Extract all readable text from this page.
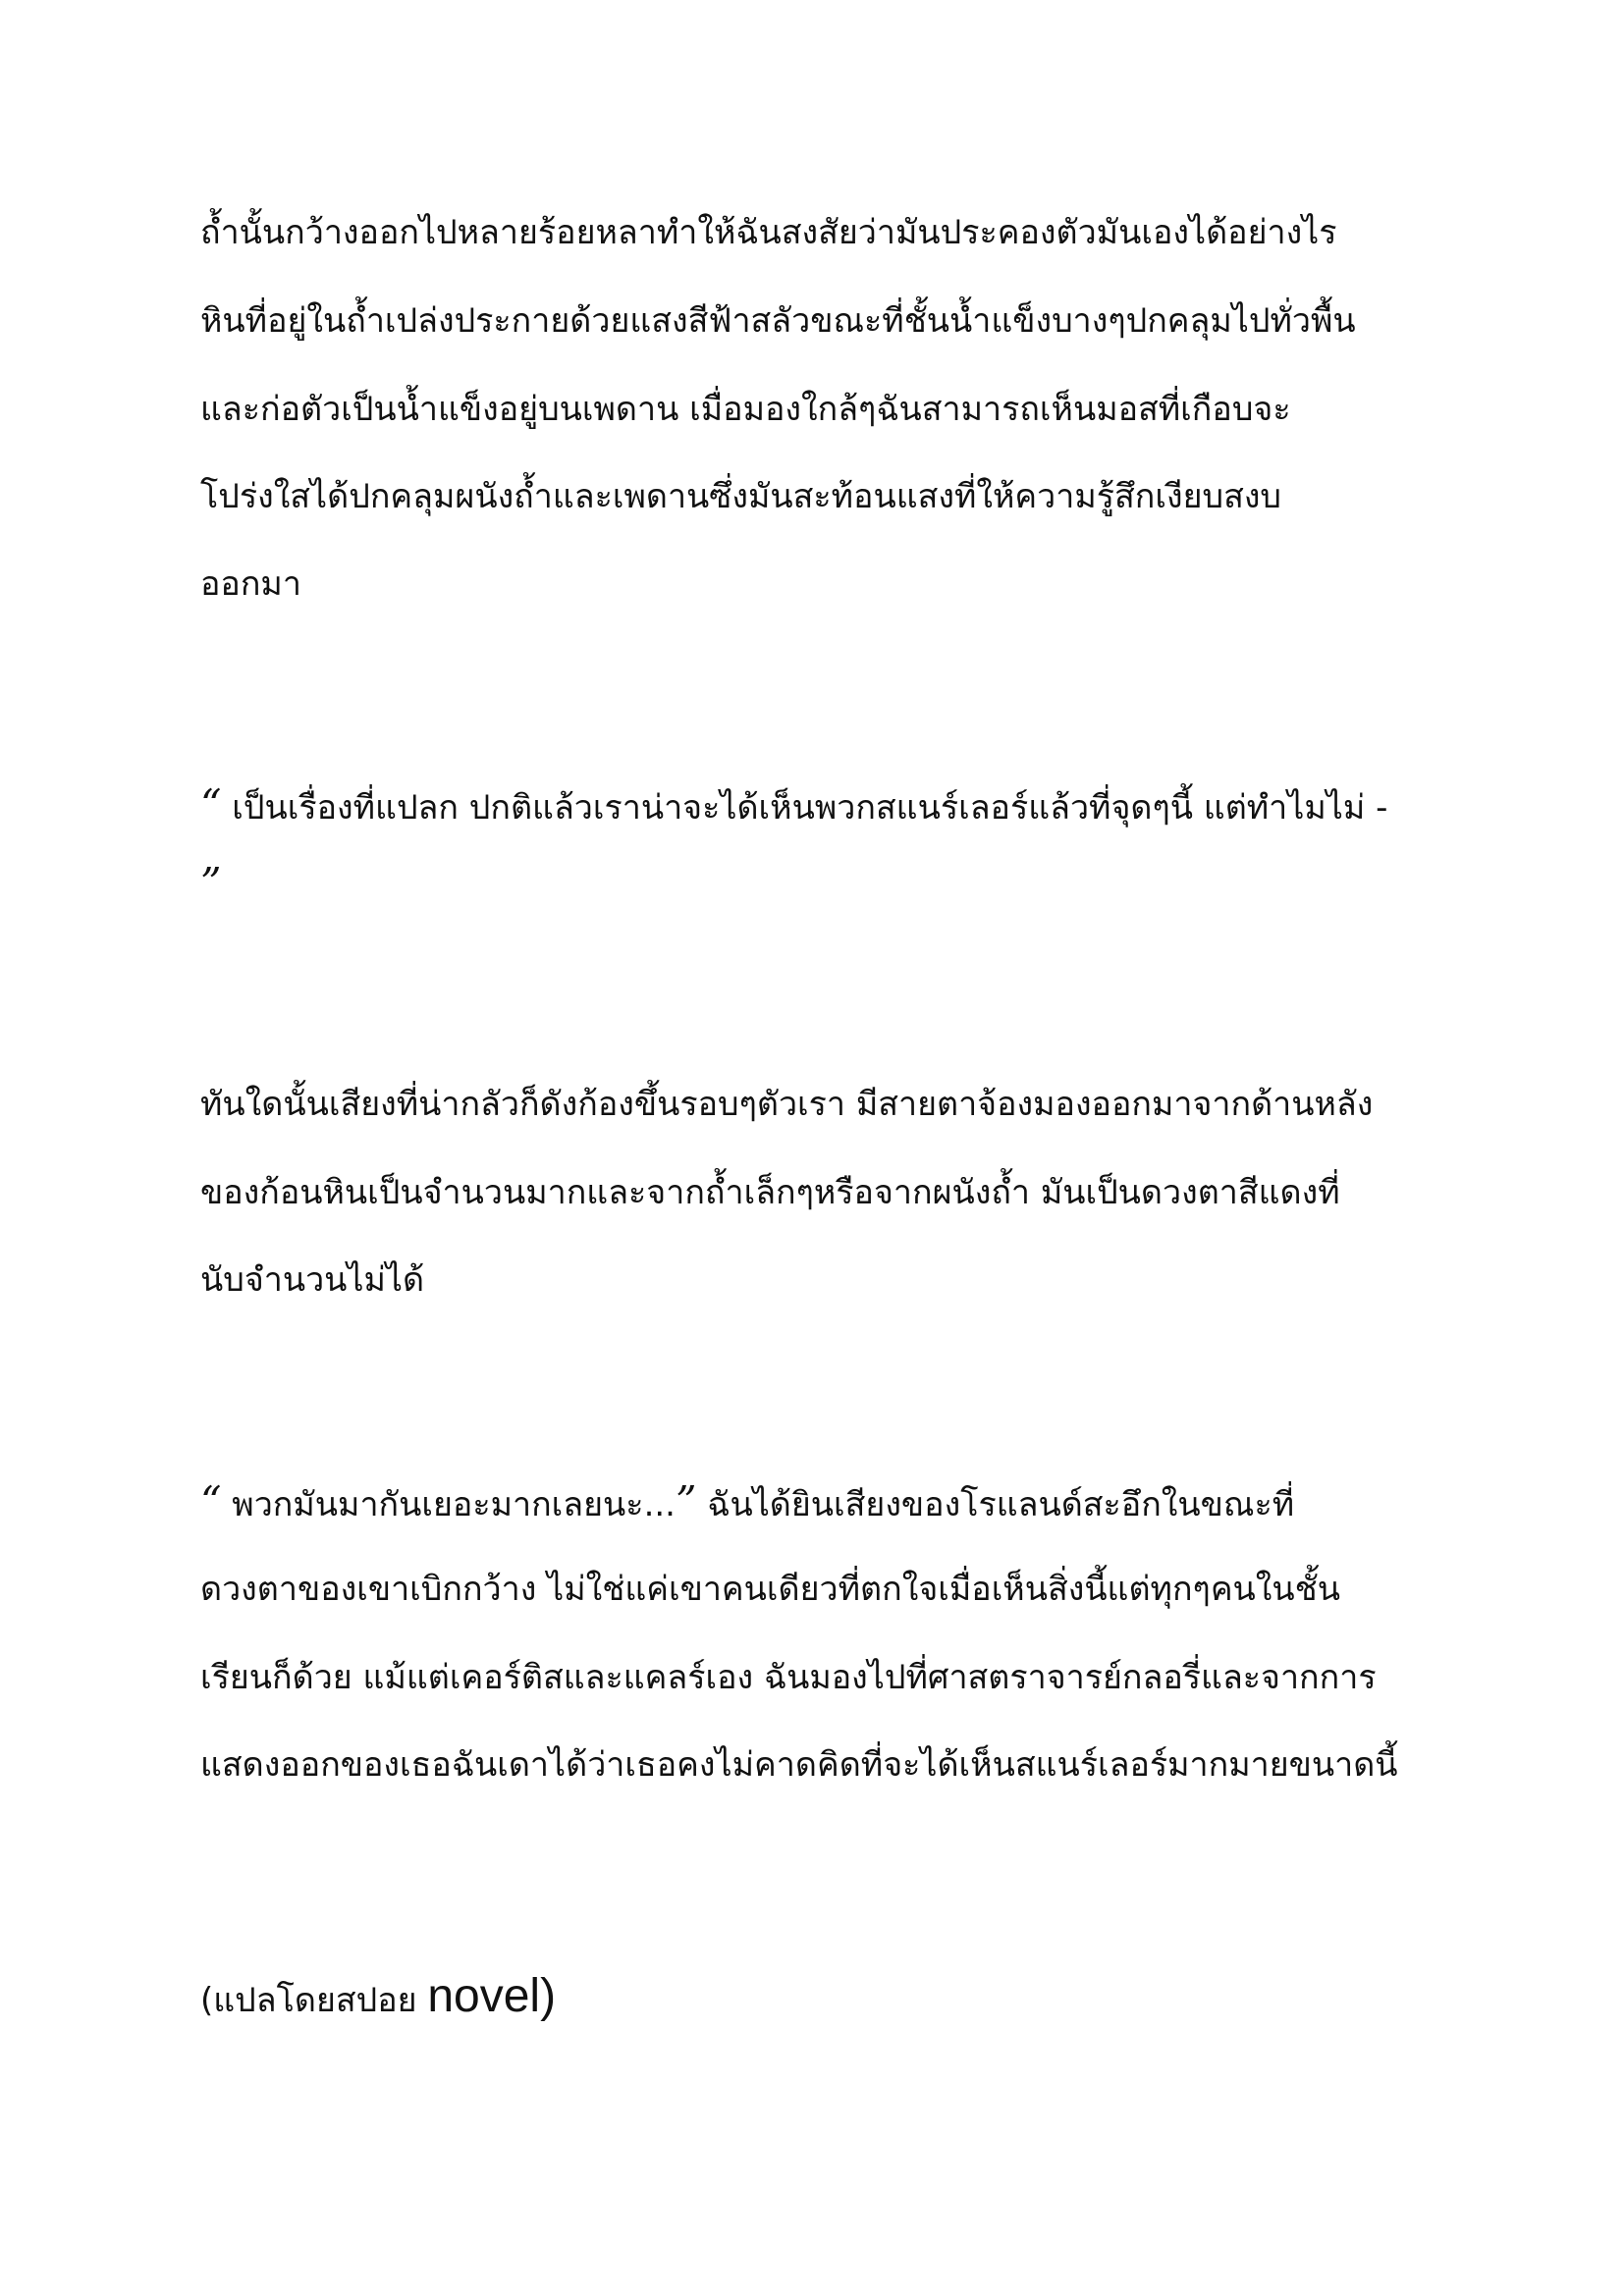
ถ้ำนั้นกว้างออกไปหลายร้อยหลาทำให้ฉันสงสัยว่ามันประคองตัวมันเองได้อย่างไร
หินที่อยู่ในถ้ำเปล่งประกายด้วยแสงสีฟ้าสลัวขณะที่ชั้นน้ำแข็งบางๆปกคลุมไปทั่วพื้น
และก่อตัวเป็นน้ำแข็งอยู่บนเพดาน เมื่อมองใกล้ๆฉันสามารถเห็นมอสที่เกือบจะ
โปร่งใสได้ปกคลุมผนังถ้ำและเพดานซึ่งมันสะท้อนแสงที่ให้ความรู้สึกเงียบสงบ
ออกมา
“ เป็นเรื่องที่แปลก ปกติแล้วเราน่าจะได้เห็นพวกสแนร์เลอร์แล้วที่จุดๆนี้ แต่ทำไมไม่ -
”
ทันใดนั้นเสียงที่น่ากลัวก็ดังก้องขึ้นรอบๆตัวเรา มีสายตาจ้องมองออกมาจากด้านหลัง
ของก้อนหินเป็นจำนวนมากและจากถ้ำเล็กๆหรือจากผนังถ้ำ มันเป็นดวงตาสีแดงที่
นับจำนวนไม่ได้
“ พวกมันมากันเยอะมากเลยนะ...” ฉันได้ยินเสียงของโรแลนด์สะอึกในขณะที่
ดวงตาของเขาเบิกกว้าง ไม่ใช่แค่เขาคนเดียวที่ตกใจเมื่อเห็นสิ่งนี้แต่ทุกๆคนในชั้น
เรียนก็ด้วย แม้แต่เคอร์ติสและแคลร์เอง ฉันมองไปที่ศาสตราจารย์กลอรี่และจากการ
แสดงออกของเธอฉันเดาได้ว่าเธอคงไม่คาดคิดที่จะได้เห็นสแนร์เลอร์มากมายขนาดนี้
(แปลโดยสปอย novel)
